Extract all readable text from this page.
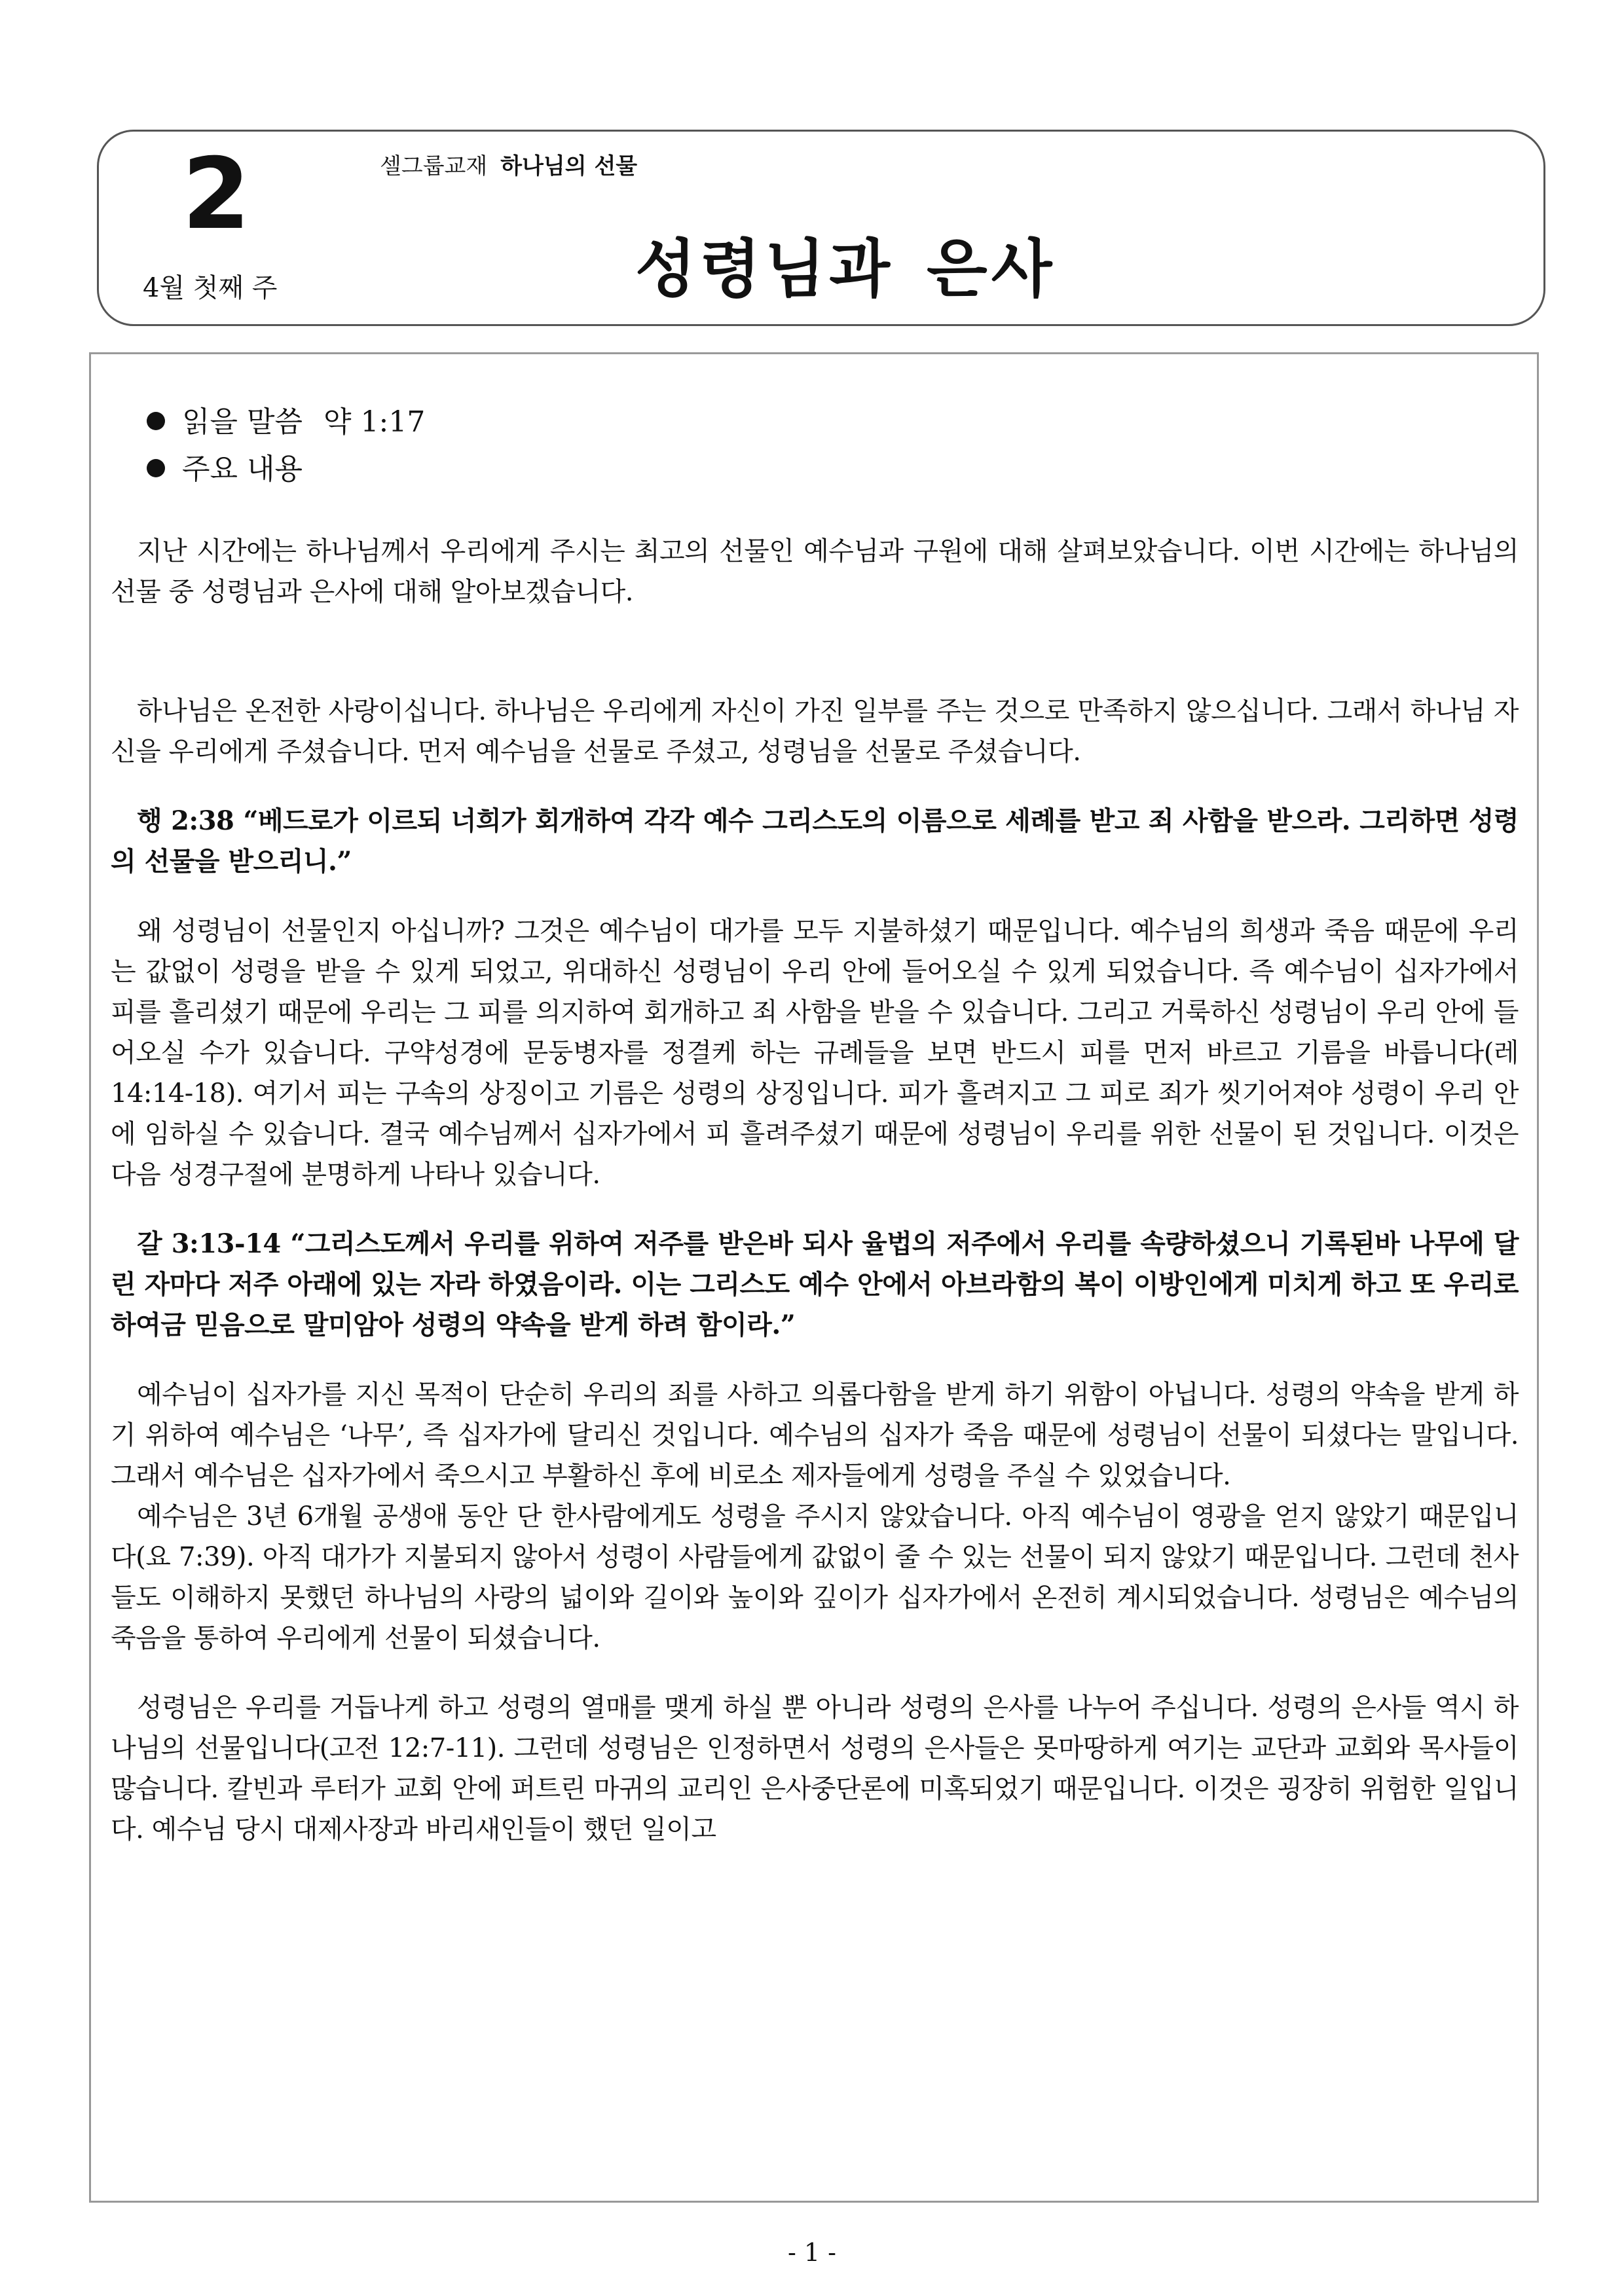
2
4월 첫째 주
셀그룹교재 하나님의 선물
성령님과 은사
읽을 말씀 약 1:17
주요 내용

지난 시간에는 하나님께서 우리에게 주시는 최고의 선물인 예수님과 구원에 대해 살펴보았습니다. 이번 시간에는 하나님의 선물 중 성령님과 은사에 대해 알아보겠습니다.

하나님은 온전한 사랑이십니다. 하나님은 우리에게 자신이 가진 일부를 주는 것으로 만족하지 않으십니다. 그래서 하나님 자신을 우리에게 주셨습니다. 먼저 예수님을 선물로 주셨고, 성령님을 선물로 주셨습니다.

행 2:38 “베드로가 이르되 너희가 회개하여 각각 예수 그리스도의 이름으로 세례를 받고 죄 사함을 받으라. 그리하면 성령의 선물을 받으리니.”

왜 성령님이 선물인지 아십니까? 그것은 예수님이 대가를 모두 지불하셨기 때문입니다. 예수님의 희생과 죽음 때문에 우리는 값없이 성령을 받을 수 있게 되었고, 위대하신 성령님이 우리 안에 들어오실 수 있게 되었습니다. 즉 예수님이 십자가에서 피를 흘리셨기 때문에 우리는 그 피를 의지하여 회개하고 죄 사함을 받을 수 있습니다. 그리고 거룩하신 성령님이 우리 안에 들어오실 수가 있습니다. 구약성경에 문둥병자를 정결케 하는 규례들을 보면 반드시 피를 먼저 바르고 기름을 바릅니다(레 14:14-18). 여기서 피는 구속의 상징이고 기름은 성령의 상징입니다. 피가 흘려지고 그 피로 죄가 씻기어져야 성령이 우리 안에 임하실 수 있습니다. 결국 예수님께서 십자가에서 피 흘려주셨기 때문에 성령님이 우리를 위한 선물이 된 것입니다. 이것은 다음 성경구절에 분명하게 나타나 있습니다.

갈 3:13-14 “그리스도께서 우리를 위하여 저주를 받은바 되사 율법의 저주에서 우리를 속량하셨으니 기록된바 나무에 달린 자마다 저주 아래에 있는 자라 하였음이라. 이는 그리스도 예수 안에서 아브라함의 복이 이방인에게 미치게 하고 또 우리로 하여금 믿음으로 말미암아 성령의 약속을 받게 하려 함이라.”

예수님이 십자가를 지신 목적이 단순히 우리의 죄를 사하고 의롭다함을 받게 하기 위함이 아닙니다. 성령의 약속을 받게 하기 위하여 예수님은 ‘나무’, 즉 십자가에 달리신 것입니다. 예수님의 십자가 죽음 때문에 성령님이 선물이 되셨다는 말입니다. 그래서 예수님은 십자가에서 죽으시고 부활하신 후에 비로소 제자들에게 성령을 주실 수 있었습니다.

예수님은 3년 6개월 공생애 동안 단 한사람에게도 성령을 주시지 않았습니다. 아직 예수님이 영광을 얻지 않았기 때문입니다(요 7:39). 아직 대가가 지불되지 않아서 성령이 사람들에게 값없이 줄 수 있는 선물이 되지 않았기 때문입니다. 그런데 천사들도 이해하지 못했던 하나님의 사랑의 넓이와 길이와 높이와 깊이가 십자가에서 온전히 계시되었습니다. 성령님은 예수님의 죽음을 통하여 우리에게 선물이 되셨습니다.

성령님은 우리를 거듭나게 하고 성령의 열매를 맺게 하실 뿐 아니라 성령의 은사를 나누어 주십니다. 성령의 은사들 역시 하나님의 선물입니다(고전 12:7-11). 그런데 성령님은 인정하면서 성령의 은사들은 못마땅하게 여기는 교단과 교회와 목사들이 많습니다. 칼빈과 루터가 교회 안에 퍼트린 마귀의 교리인 은사중단론에 미혹되었기 때문입니다. 이것은 굉장히 위험한 일입니다. 예수님 당시 대제사장과 바리새인들이 했던 일이고

- 1 -
